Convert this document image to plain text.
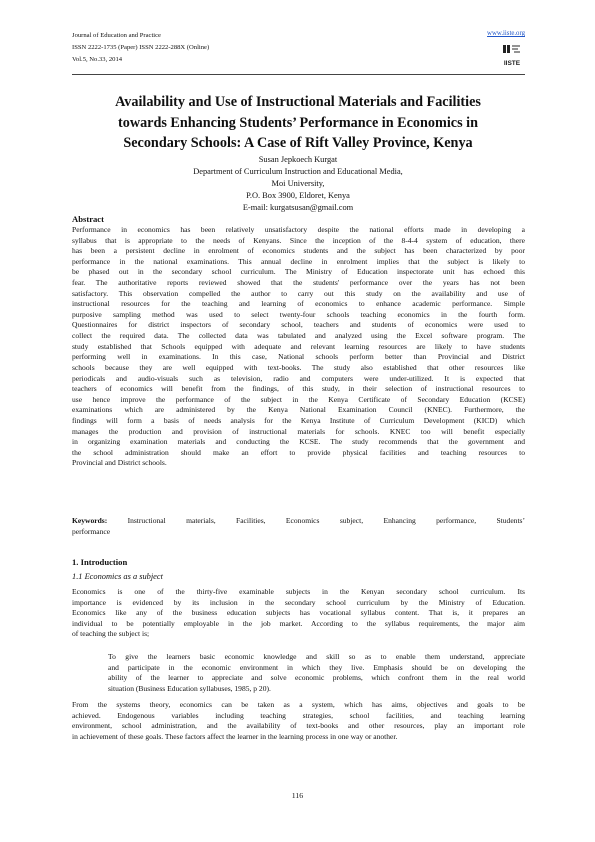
Journal of Education and Practice
ISSN 2222-1735 (Paper) ISSN 2222-288X (Online)
Vol.5, No.33, 2014
www.iiste.org
IISTE
Availability and Use of Instructional Materials and Facilities
towards Enhancing Students’ Performance in Economics in
Secondary Schools: A Case of Rift Valley Province, Kenya
Susan Jepkoech Kurgat
Department of Curriculum Instruction and Educational Media,
Moi University,
P.O. Box 3900, Eldoret, Kenya
E-mail: kurgatsusan@gmail.com
Abstract
Performance in economics has been relatively unsatisfactory despite the national efforts made in developing a
syllabus that is appropriate to the needs of Kenyans. Since the inception of the 8-4-4 system of education, there
has been a persistent decline in enrolment of economics students and the subject has been characterized by poor
performance in the national examinations. This annual decline in enrolment implies that the subject is likely to
be phased out in the secondary school curriculum. The Ministry of Education inspectorate unit has echoed this
fear. The authoritative reports reviewed showed that the students' performance over the years has not been
satisfactory. This observation compelled the author to carry out this study on the availability and use of
instructional resources for the teaching and learning of economics to enhance academic performance. Simple
purposive sampling method was used to select twenty-four schools teaching economics in the fourth form.
Questionnaires for district inspectors of secondary school, teachers and students of economics were used to
collect the required data. The collected data was tabulated and analyzed using the Excel software program. The
study established that Schools equipped with adequate and relevant learning resources are likely to have students
performing well in examinations. In this case, National schools perform better than Provincial and District
schools because they are well equipped with text-books. The study also established that other resources like
periodicals and audio-visuals such as television, radio and computers were under-utilized. It is expected that
teachers of economics will benefit from the findings, of this study, in their selection of instructional resources to
use hence improve the performance of the subject in the Kenya Certificate of Secondary Education (KCSE)
examinations which are administered by the Kenya National Examination Council (KNEC). Furthermore, the
findings will form a basis of needs analysis for the Kenya Institute of Curriculum Development (KICD) which
manages the production and provision of instructional materials for schools. KNEC too will benefit especially
in organizing examination materials and conducting the KCSE. The study recommends that the government and
the school administration should make an effort to provide physical facilities and teaching resources to
Provincial and District schools.
Keywords: Instructional materials, Facilities, Economics subject, Enhancing performance, Students’
performance
1. Introduction
1.1 Economics as a subject
Economics is one of the thirty-five examinable subjects in the Kenyan secondary school curriculum. Its
importance is evidenced by its inclusion in the secondary school curriculum by the Ministry of Education.
Economics like any of the business education subjects has vocational syllabus content. That is, it prepares an
individual to be potentially employable in the job market. According to the syllabus requirements, the major aim
of teaching the subject is;
To give the learners basic economic knowledge and skill so as to enable them understand, appreciate
and participate in the economic environment in which they live. Emphasis should be on developing the
ability of the learner to appreciate and solve economic problems, which confront them in the real world
situation (Business Education syllabuses, 1985, p 20).
From the systems theory, economics can be taken as a system, which has aims, objectives and goals to be
achieved. Endogenous variables including teaching strategies, school facilities, and teaching learning
environment, school administration, and the availability of text-books and other resources, play an important role
in achievement of these goals. These factors affect the learner in the learning process in one way or another.
116
